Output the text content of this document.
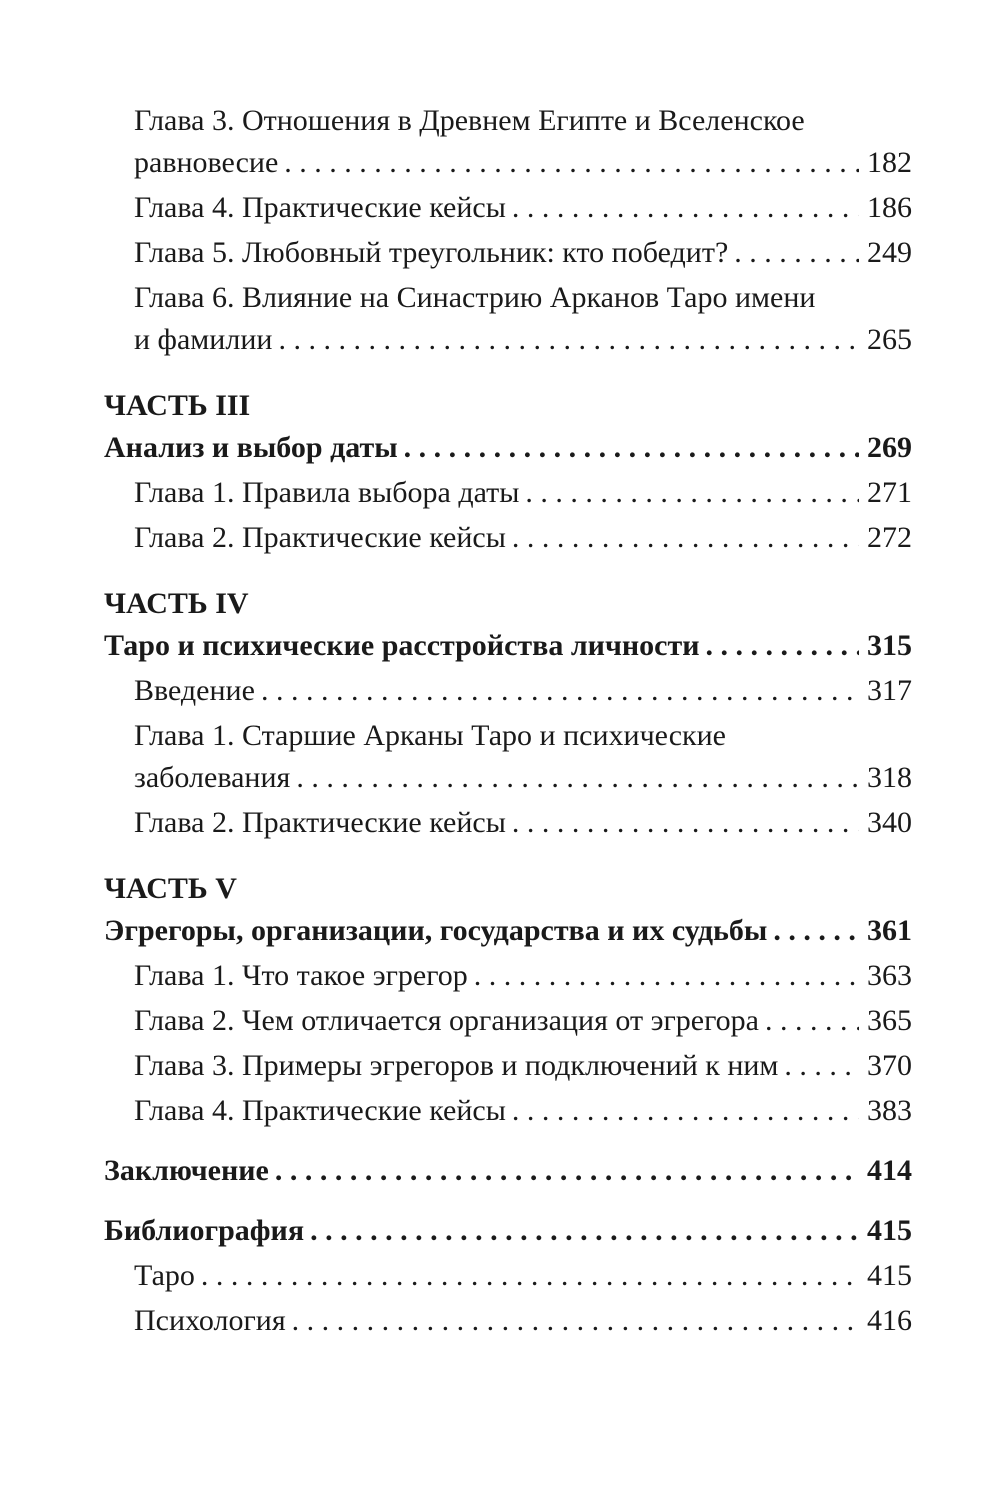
Глава 3. Отношения в Древнем Египте и Вселенское
равновесие . . .	182
Глава 4. Практические кейсы . . .	186
Глава 5. Любовный треугольник: кто победит? . . .	249
Глава 6. Влияние на Синастрию Арканов Таро имени
и фамилии . . .	265
ЧАСТЬ III
Анализ и выбор даты . . .	269
Глава 1. Правила выбора даты . . .	271
Глава 2. Практические кейсы . . .	272
ЧАСТЬ IV
Таро и психические расстройства личности . . .	315
Введение . . .	317
Глава 1. Старшие Арканы Таро и психические
заболевания . . .	318
Глава 2. Практические кейсы . . .	340
ЧАСТЬ V
Эгрегоры, организации, государства и их судьбы . . .	361
Глава 1. Что такое эгрегор . . .	363
Глава 2. Чем отличается организация от эгрегора . . .	365
Глава 3. Примеры эгрегоров и подключений к ним . . .	370
Глава 4. Практические кейсы . . .	383
Заключение . . .	414
Библиография . . .	415
Таро . . .	415
Психология . . .	416
